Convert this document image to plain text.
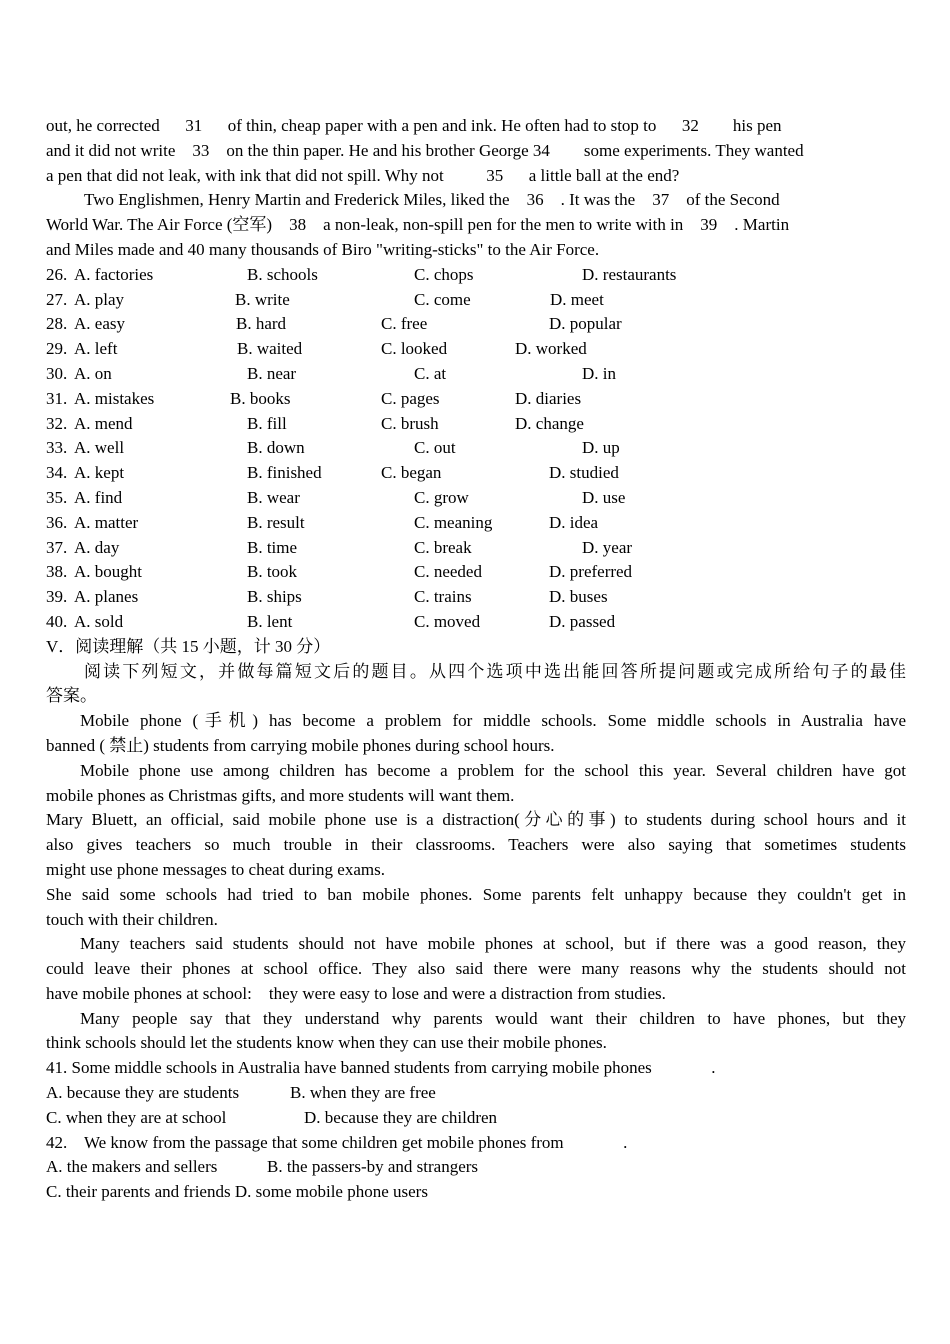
out, he corrected      31      of thin, cheap paper with a pen and ink. He often had to stop to      32        his pen
and it did not write    33    on the thin paper. He and his brother George 34        some experiments. They wanted
a pen that did not leak, with ink that did not spill. Why not          35      a little ball at the end?
Two Englishmen, Henry Martin and Frederick Miles, liked the    36    . It was the    37    of the Second
World War. The Air Force (空军)    38    a non-leak, non-spill pen for the men to write with in    39    . Martin
and Miles made and 40 many thousands of Biro "writing-sticks" to the Air Force.
26. A. factories	B. schools	C. chops	D. restaurants
27. A. play	B. write	C. come	D. meet
28. A. easy	B. hard	C. free	D. popular
29. A. left	B. waited	C. looked	D. worked
30. A. on	B. near	C. at	D. in
31. A. mistakes	B. books	C. pages	D. diaries
32. A. mend	B. fill	C. brush	D. change
33. A. well	B. down	C. out	D. up
34. A. kept	B. finished	C. began	D. studied
35. A. find	B. wear	C. grow	D. use
36. A. matter	B. result	C. meaning	D. idea
37. A. day	B. time	C. break	D. year
38. A. bought	B. took	C. needed	D. preferred
39. A. planes	B. ships	C. trains	D. buses
40. A. sold	B. lent	C. moved	D. passed
V．阅读理解（共 15 小题，计 30 分）
阅读下列短文，并做每篇短文后的题目。从四个选项中选出能回答所提问题或完成所给句子的最佳
答案。
Mobile phone (手机) has become a problem for middle schools. Some middle schools in Australia have
banned ( 禁止) students from carrying mobile phones during school hours.
Mobile phone use among children has become a problem for the school this year. Several children have got
mobile phones as Christmas gifts, and more students will want them.
Mary Bluett, an official, said mobile phone use is a distraction(分心的事) to students during school hours and it
also gives teachers so much trouble in their classrooms. Teachers were also saying that sometimes students
might use phone messages to cheat during exams.
She said some schools had tried to ban mobile phones. Some parents felt unhappy because they couldn't get in
touch with their children.
Many teachers said students should not have mobile phones at school, but if there was a good reason, they
could leave their phones at school office. They also said there were many reasons why the students should not
have mobile phones at school:    they were easy to lose and were a distraction from studies.
Many people say that they understand why parents would want their children to have phones, but they
think schools should let the students know when they can use their mobile phones.
41. Some middle schools in Australia have banned students from carrying mobile phones              .
A. because they are students	B. when they are free
C. when they are at school	D. because they are children
42.    We know from the passage that some children get mobile phones from              .
A. the makers and sellers	B. the passers-by and strangers
C. their parents and friends D. some mobile phone users
